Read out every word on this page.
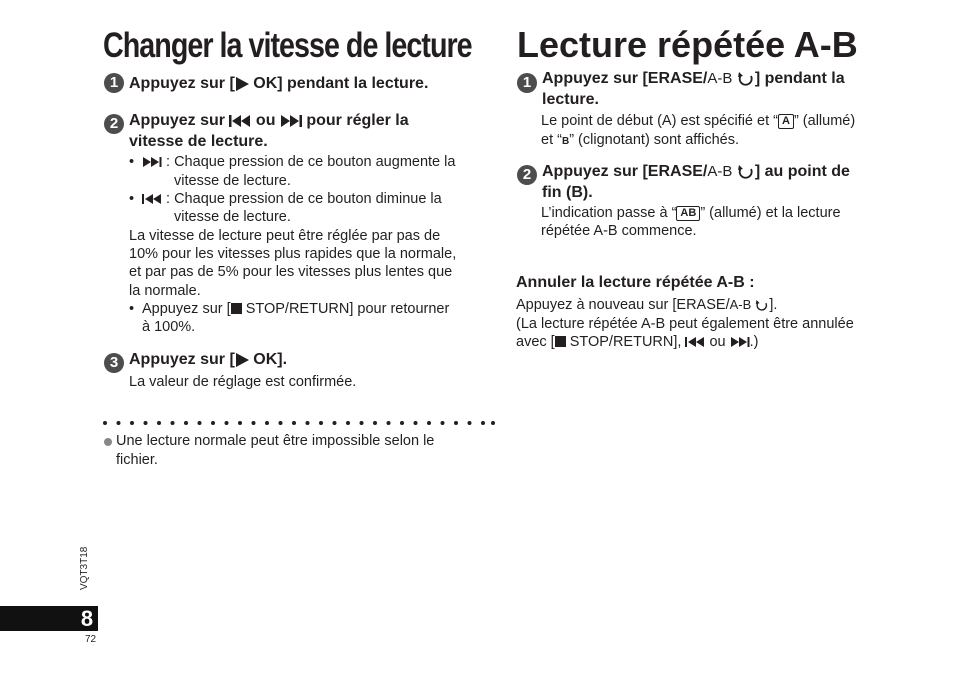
Changer la vitesse de lecture Lecture répétée A-B
1 Appuyez sur [ OK] pendant la lecture.
2 Appuyez sur  ou  pour régler la
vitesse de lecture.
•	: Chaque pression de ce bouton augmente la
vitesse de lecture.
•	: Chaque pression de ce bouton diminue la
vitesse de lecture.
La vitesse de lecture peut être réglée par pas de
10% pour les vitesses plus rapides que la normale,
et par pas de 5% pour les vitesses plus lentes que
la normale.
• Appuyez sur [ STOP/RETURN] pour retourner
à 100%.
3 Appuyez sur [ OK].
La valeur de réglage est confirmée.
Une lecture normale peut être impossible selon le
fichier.
1 Appuyez sur [ERASE/A-B ] pendant la
lecture.
Le point de début (A) est spécifié et “ A ” (allumé)
et “B” (clignotant) sont affichés.
2 Appuyez sur [ERASE/A-B ] au point de
fin (B).
L’indication passe à “ AB ” (allumé) et la lecture
répétée A-B commence.
Annuler la lecture répétée A-B :
Appuyez à nouveau sur [ERASE/A-B ].
(La lecture répétée A-B peut également être annulée
avec [ STOP/RETURN],  ou .)
VQT3T18
8
72
